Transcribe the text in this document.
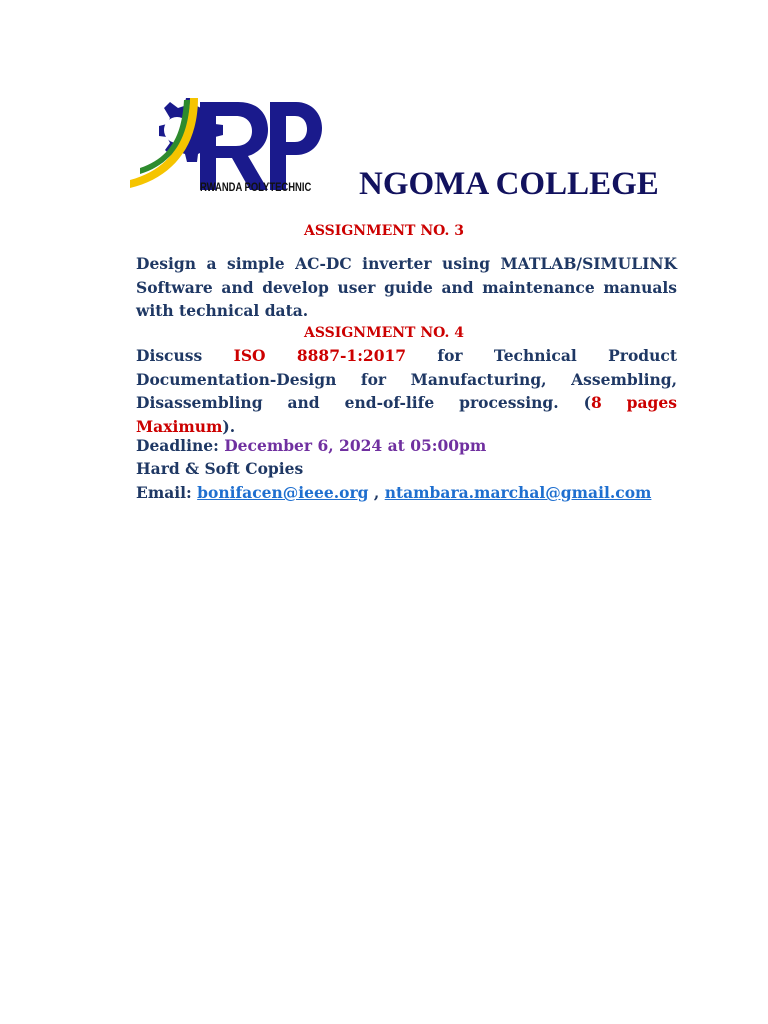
RWANDA POLYTECHNIC NGOMA COLLEGE
ASSIGNMENT NO. 3
Design a simple AC-DC inverter using MATLAB/SIMULINK Software and develop user guide and maintenance manuals with technical data.
ASSIGNMENT NO. 4
Discuss ISO 8887-1:2017 for Technical Product Documentation-Design for Manufacturing, Assembling, Disassembling and end-of-life processing. (8 pages Maximum).
Deadline: December 6, 2024 at 05:00pm
Hard & Soft Copies
Email: bonifacen@ieee.org , ntambara.marchal@gmail.com
